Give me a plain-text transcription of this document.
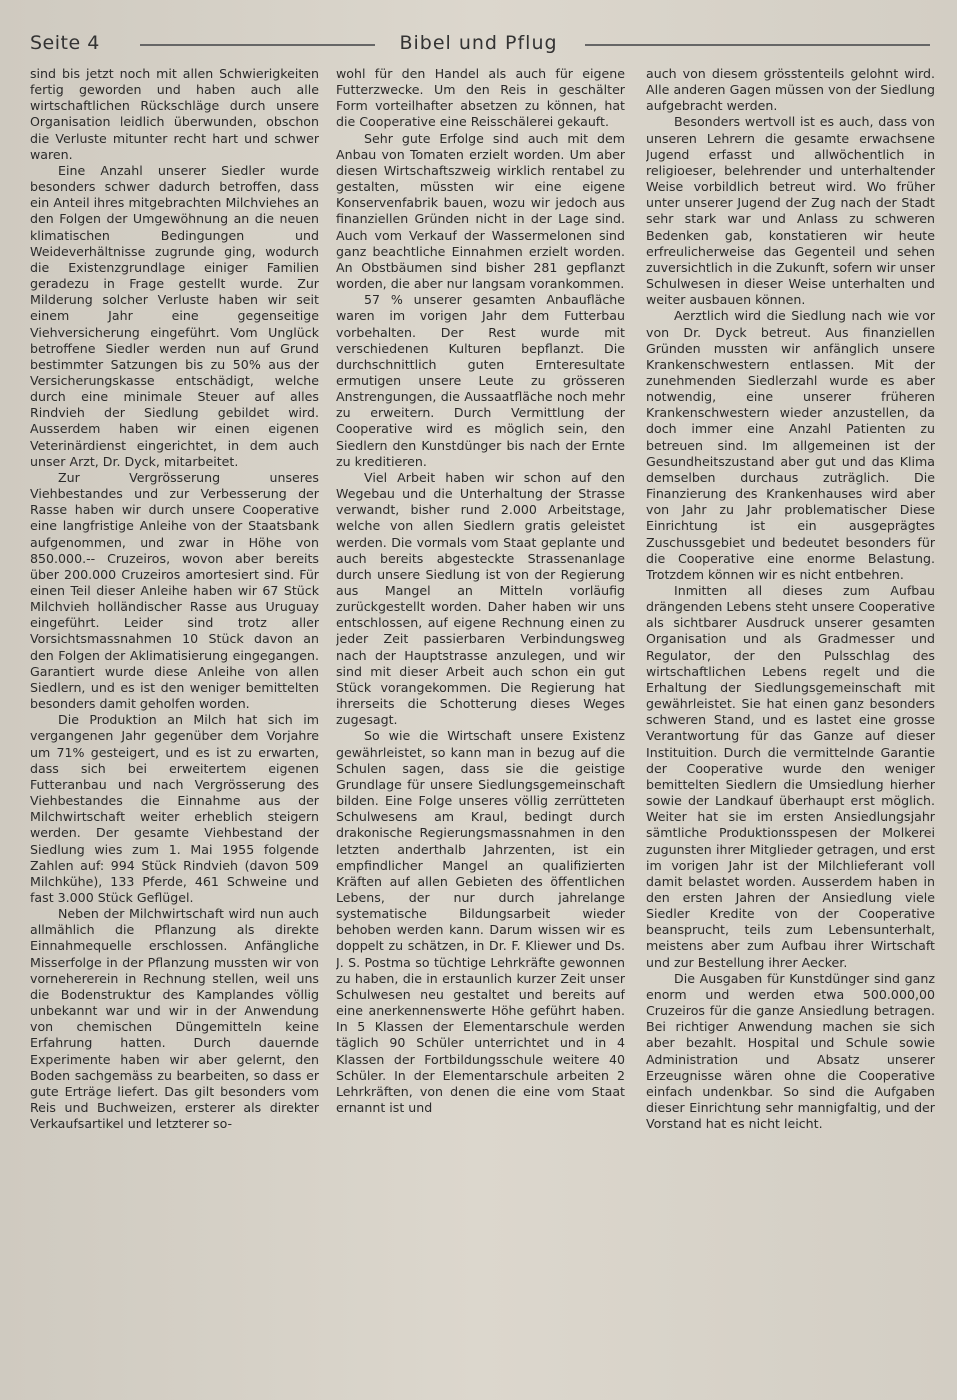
Seite 4	Bibel und Pflug

sind bis jetzt noch mit allen Schwierigkeiten fertig geworden und haben auch alle wirtschaftlichen Rückschläge durch unsere Organisation leidlich überwunden, obschon die Verluste mitunter recht hart und schwer waren.

Eine Anzahl unserer Siedler wurde besonders schwer dadurch betroffen, dass ein Anteil ihres mitgebrachten Milchviehes an den Folgen der Umgewöhnung an die neuen klimatischen Bedingungen und Weideverhältnisse zugrunde ging, wodurch die Existenzgrundlage einiger Familien geradezu in Frage gestellt wurde. Zur Milderung solcher Verluste haben wir seit einem Jahr eine gegenseitige Viehversicherung eingeführt. Vom Unglück betroffene Siedler werden nun auf Grund bestimmter Satzungen bis zu 50% aus der Versicherungskasse entschädigt, welche durch eine minimale Steuer auf alles Rindvieh der Siedlung gebildet wird. Ausserdem haben wir einen eigenen Veterinärdienst eingerichtet, in dem auch unser Arzt, Dr. Dyck, mitarbeitet.

Zur Vergrösserung unseres Viehbestandes und zur Verbesserung der Rasse haben wir durch unsere Cooperative eine langfristige Anleihe von der Staatsbank aufgenommen, und zwar in Höhe von 850.000.-- Cruzeiros, wovon aber bereits über 200.000 Cruzeiros amortesiert sind. Für einen Teil dieser Anleihe haben wir 67 Stück Milchvieh holländischer Rasse aus Uruguay eingeführt. Leider sind trotz aller Vorsichtsmassnahmen 10 Stück davon an den Folgen der Aklimatisierung eingegangen. Garantiert wurde diese Anleihe von allen Siedlern, und es ist den weniger bemittelten besonders damit geholfen worden.

Die Produktion an Milch hat sich im vergangenen Jahr gegenüber dem Vorjahre um 71% gesteigert, und es ist zu erwarten, dass sich bei erweitertem eigenen Futteranbau und nach Vergrösserung des Viehbestandes die Einnahme aus der Milchwirtschaft weiter erheblich steigern werden. Der gesamte Viehbestand der Siedlung wies zum 1. Mai 1955 folgende Zahlen auf: 994 Stück Rindvieh (davon 509 Milchkühe), 133 Pferde, 461 Schweine und fast 3.000 Stück Geflügel.

Neben der Milchwirtschaft wird nun auch allmählich die Pflanzung als direkte Einnahmequelle erschlossen. Anfängliche Misserfolge in der Pflanzung mussten wir von vornehererein in Rechnung stellen, weil uns die Bodenstruktur des Kamplandes völlig unbekannt war und wir in der Anwendung von chemischen Düngemitteln keine Erfahrung hatten. Durch dauernde Experimente haben wir aber gelernt, den Boden sachgemäss zu bearbeiten, so dass er gute Erträge liefert. Das gilt besonders vom Reis und Buchweizen, ersterer als direkter Verkaufsartikel und letzterer so-

wohl für den Handel als auch für eigene Futterzwecke. Um den Reis in geschälter Form vorteilhafter absetzen zu können, hat die Cooperative eine Reisschälerei gekauft.

Sehr gute Erfolge sind auch mit dem Anbau von Tomaten erzielt worden. Um aber diesen Wirtschaftszweig wirklich rentabel zu gestalten, müssten wir eine eigene Konservenfabrik bauen, wozu wir jedoch aus finanziellen Gründen nicht in der Lage sind. Auch vom Verkauf der Wassermelonen sind ganz beachtliche Einnahmen erzielt worden. An Obstbäumen sind bisher 281 gepflanzt worden, die aber nur langsam vorankommen.

57 % unserer gesamten Anbaufläche waren im vorigen Jahr dem Futterbau vorbehalten. Der Rest wurde mit verschiedenen Kulturen bepflanzt. Die durchschnittlich guten Ernteresultate ermutigen unsere Leute zu grösseren Anstrengungen, die Aussaatfläche noch mehr zu erweitern. Durch Vermittlung der Cooperative wird es möglich sein, den Siedlern den Kunstdünger bis nach der Ernte zu kreditieren.

Viel Arbeit haben wir schon auf den Wegebau und die Unterhaltung der Strasse verwandt, bisher rund 2.000 Arbeitstage, welche von allen Siedlern gratis geleistet werden. Die vormals vom Staat geplante und auch bereits abgesteckte Strassenanlage durch unsere Siedlung ist von der Regierung aus Mangel an Mitteln vorläufig zurückgestellt worden. Daher haben wir uns entschlossen, auf eigene Rechnung einen zu jeder Zeit passierbaren Verbindungsweg nach der Hauptstrasse anzulegen, und wir sind mit dieser Arbeit auch schon ein gut Stück vorangekommen. Die Regierung hat ihrerseits die Schotterung dieses Weges zugesagt.

So wie die Wirtschaft unsere Existenz gewährleistet, so kann man in bezug auf die Schulen sagen, dass sie die geistige Grundlage für unsere Siedlungsgemeinschaft bilden. Eine Folge unseres völlig zerrütteten Schulwesens am Kraul, bedingt durch drakonische Regierungsmassnahmen in den letzten anderthalb Jahrzenten, ist ein empfindlicher Mangel an qualifizierten Kräften auf allen Gebieten des öffentlichen Lebens, der nur durch jahrelange systematische Bildungsarbeit wieder behoben werden kann. Darum wissen wir es doppelt zu schätzen, in Dr. F. Kliewer und Ds. J. S. Postma so tüchtige Lehrkräfte gewonnen zu haben, die in erstaunlich kurzer Zeit unser Schulwesen neu gestaltet und bereits auf eine anerkennenswerte Höhe geführt haben. In 5 Klassen der Elementarschule werden täglich 90 Schüler unterrichtet und in 4 Klassen der Fortbildungsschule weitere 40 Schüler. In der Elementarschule arbeiten 2 Lehrkräften, von denen die eine vom Staat ernannt ist und

auch von diesem grösstenteils gelohnt wird. Alle anderen Gagen müssen von der Siedlung aufgebracht werden.

Besonders wertvoll ist es auch, dass von unseren Lehrern die gesamte erwachsene Jugend erfasst und allwöchentlich in religioeser, belehrender und unterhaltender Weise vorbildlich betreut wird. Wo früher unter unserer Jugend der Zug nach der Stadt sehr stark war und Anlass zu schweren Bedenken gab, konstatieren wir heute erfreulicherweise das Gegenteil und sehen zuversichtlich in die Zukunft, sofern wir unser Schulwesen in dieser Weise unterhalten und weiter ausbauen können.

Aerztlich wird die Siedlung nach wie vor von Dr. Dyck betreut. Aus finanziellen Gründen mussten wir anfänglich unsere Krankenschwestern entlassen. Mit der zunehmenden Siedlerzahl wurde es aber notwendig, eine unserer früheren Krankenschwestern wieder anzustellen, da doch immer eine Anzahl Patienten zu betreuen sind. Im allgemeinen ist der Gesundheitszustand aber gut und das Klima demselben durchaus zuträglich. Die Finanzierung des Krankenhauses wird aber von Jahr zu Jahr problematischer Diese Einrichtung ist ein ausgeprägtes Zuschussgebiet und bedeutet besonders für die Cooperative eine enorme Belastung. Trotzdem können wir es nicht entbehren.

Inmitten all dieses zum Aufbau drängenden Lebens steht unsere Cooperative als sichtbarer Ausdruck unserer gesamten Organisation und als Gradmesser und Regulator, der den Pulsschlag des wirtschaftlichen Lebens regelt und die Erhaltung der Siedlungsgemeinschaft mit gewährleistet. Sie hat einen ganz besonders schweren Stand, und es lastet eine grosse Verantwortung für das Ganze auf dieser Instituition. Durch die vermittelnde Garantie der Cooperative wurde den weniger bemittelten Siedlern die Umsiedlung hierher sowie der Landkauf überhaupt erst möglich. Weiter hat sie im ersten Ansiedlungsjahr sämtliche Produktionsspesen der Molkerei zugunsten ihrer Mitglieder getragen, und erst im vorigen Jahr ist der Milchlieferant voll damit belastet worden. Ausserdem haben in den ersten Jahren der Ansiedlung viele Siedler Kredite von der Cooperative beansprucht, teils zum Lebensunterhalt, meistens aber zum Aufbau ihrer Wirtschaft und zur Bestellung ihrer Aecker.

Die Ausgaben für Kunstdünger sind ganz enorm und werden etwa 500.000,00 Cruzeiros für die ganze Ansiedlung betragen. Bei richtiger Anwendung machen sie sich aber bezahlt. Hospital und Schule sowie Administration und Absatz unserer Erzeugnisse wären ohne die Cooperative einfach undenkbar. So sind die Aufgaben dieser Einrichtung sehr mannigfaltig, und der Vorstand hat es nicht leicht.
